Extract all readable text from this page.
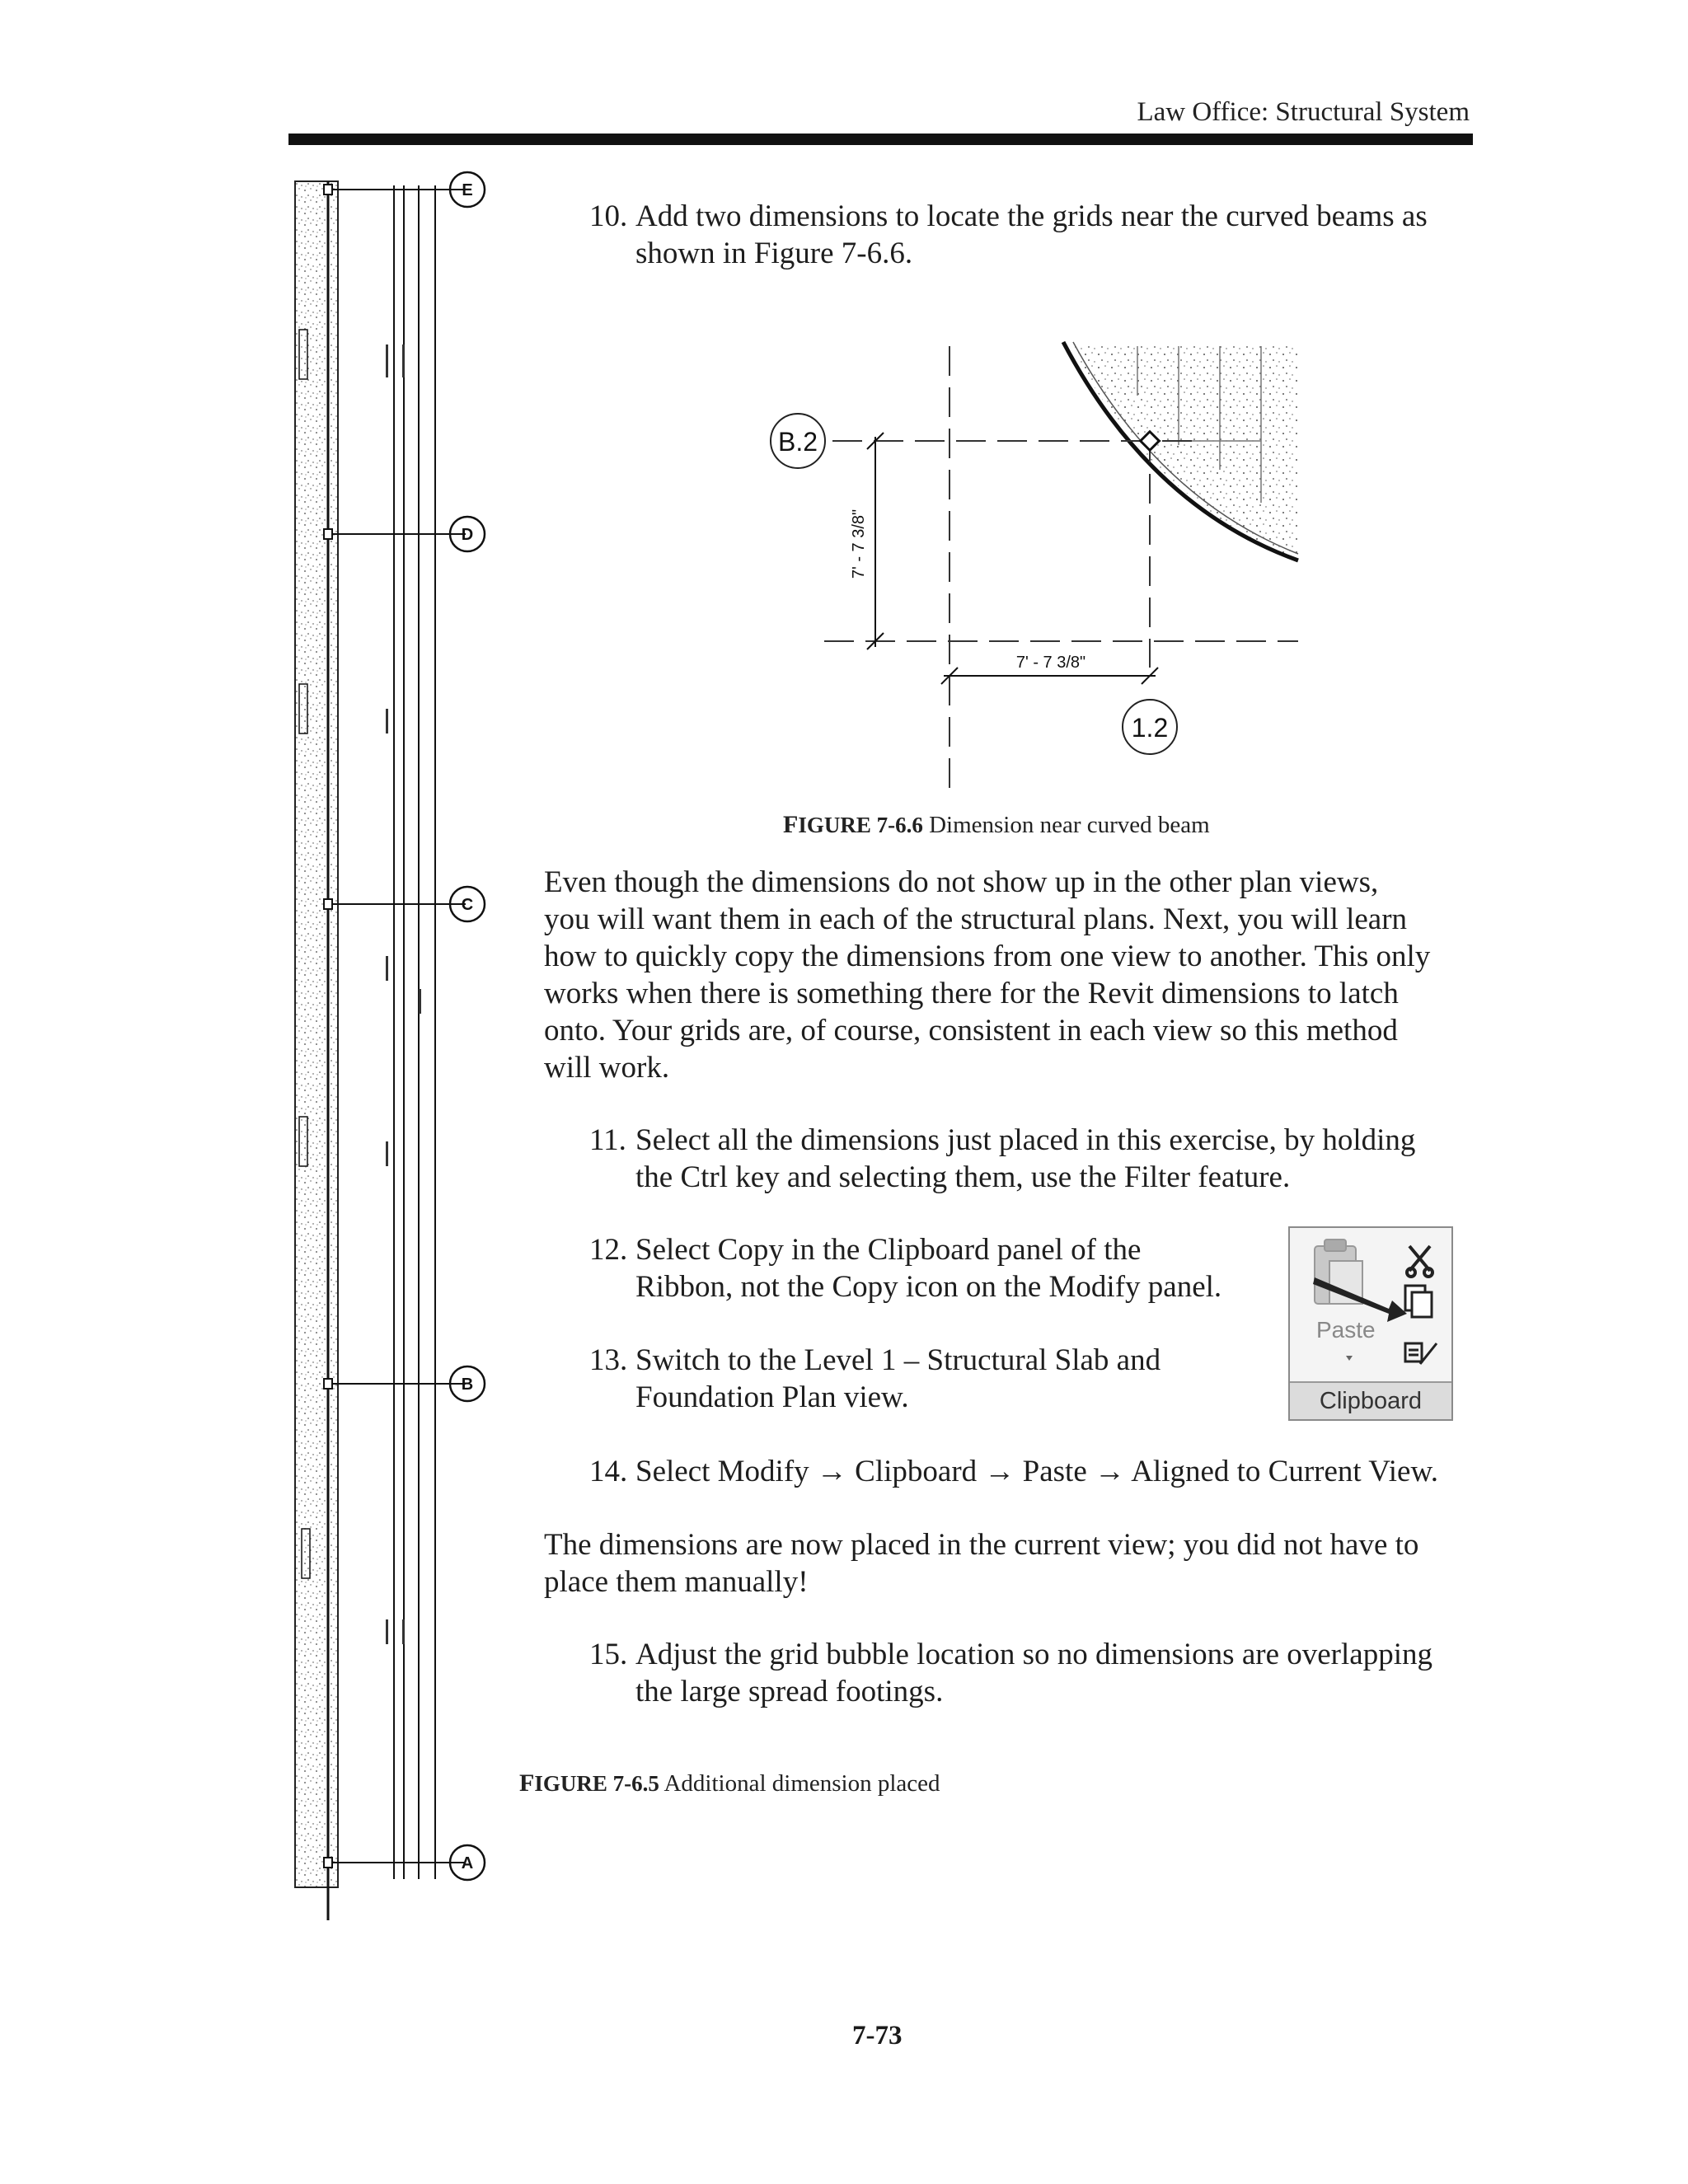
Law Office: Structural System
E
D
C
B
A
10. Add two dimensions to locate the grids near the curved beams as
shown in Figure 7-6.6.
B.2
1.2
7' - 7 3/8"
7' - 7 3/8"
FIGURE 7-6.6 Dimension near curved beam
Even though the dimensions do not show up in the other plan views,
you will want them in each of the structural plans. Next, you will learn
how to quickly copy the dimensions from one view to another. This only
works when there is something there for the Revit dimensions to latch
onto. Your grids are, of course, consistent in each view so this method
will work.
11. Select all the dimensions just placed in this exercise, by holding
the Ctrl key and selecting them, use the Filter feature.
12. Select Copy in the Clipboard panel of the
Ribbon, not the Copy icon on the Modify panel.
13. Switch to the Level 1 – Structural Slab and
Foundation Plan view.
Paste
Clipboard
14. Select Modify → Clipboard → Paste → Aligned to Current View.
The dimensions are now placed in the current view; you did not have to
place them manually!
15. Adjust the grid bubble location so no dimensions are overlapping
the large spread footings.
FIGURE 7-6.5 Additional dimension placed
7-73
